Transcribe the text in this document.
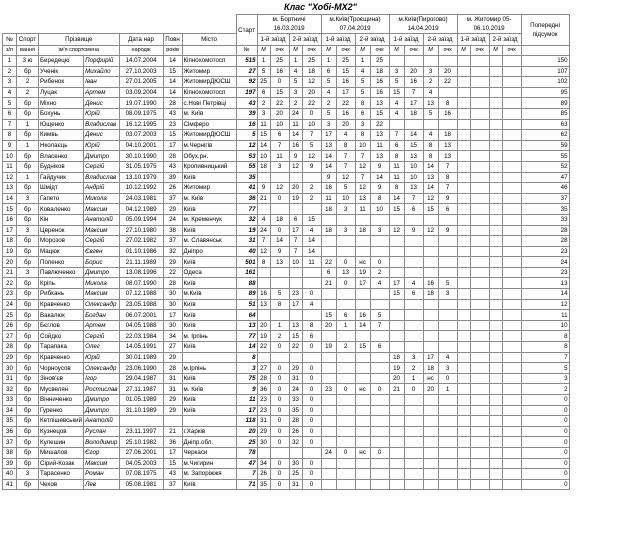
Клас "Хобі-МХ2"
							Старт	м. Бортничі 16.03.2019				м.Київ(Троєщина) 07.04.2019				м.Київ(Пирогово) 14.04.2019				м. Житомир 05-06.10.2019				Попередні підсумок
№	Спорт	Прізвище		Дата нар	Повн	Місто		1-й заїзд		2-й заїзд		1-й заїзд		2-й заїзд		1-й заїзд		2-й заїзд		1-й заїзд		2-й заїзд		
з/п	вання	ім'я спортсмена		народж	років		№	М	очк	М	очк	М	очк	М	очк	М	очк	М	очк	М	очк	М	очк	
1	3 ю	Бередецю	Порфирій	14.07.2004	14	Кіпнохомотосп	515	1	25	1	25	1	25	1	25									150
2	бр	Ученік	Михайло	27.10.2003	15	Житомир	27	5	16	4	18	6	15	4	18	3	20	3	20					107
3	2	Рибенок	Іван	27.01.2005	14	ЖитомирДЮСШ	92	25	0	5	12	5	16	5	16	5	16	2	22					102
4	2	Луцак	Артем	03.09.2004	14	Кіпнохомотосп	197	6	15	3	20	4	17	5	16	15	7	4						95
5	бр	Міхно	Денис	19.07.1990	28	с.Нові Петрівці	43	2	22	2	22	2	22	8	13	4	17	13	8					89
6	бр	Бохунь	Юрій	08.09.1975	43	м. Київ	39	3	20	24	0	5	16	6	15	4	18	5	16					85
7	1	Ющенко	Владислав	16.12.1995	23	Сімферо	16	11	10	11	10	3	20	3	22									63
8	бр	Кимвь	Денис	03.07.2003	15	ЖитомирДЮСШ	5	15	6	14	7	17	4	8	13	7	14	4	18					62
9	1	Нколаєць	Юрій	04.10.2001	17	м.Чернігів	12	14	7	16	5	13	8	10	11	6	15	8	13					59
10	бр	Власенко	Дмитро	30.10.1990	28	Обух.рн.	53	10	11	9	12	14	7	7	13	8	13	8	13					55
11	бр	Будніков	Сергій	31.05.1975	43	Кропивницький	55	18	3	12	9	14	7	12	9	11	10	14	7					52
12	1	Гайдучик	Владислав	13.10.1979	39	Київ	35					9	12	7	14	11	10	13	8					47
13	бр	Шмідт	Андрій	10.12.1992	26	Житомир	41	9	12	20	2	16	5	12	9	8	13	14	7					46
14	3	Гапето	Микола	24.03.1981	37	м. Київ	36	21	0	19	2	11	10	13	8	14	7	12	9					37
15	бр	Коваленко	Максим	04.12.1989	29	Київ	77					18	3	11	10	15	6	15	6					35
16	бр	Кін	Анатолій	05.09.1994	24	м. Кременчук	32	4	18	6	15													33
17	3	Церенок	Максим	27.10.1980	38	Київ	19	24	0	17	4	18	3	18	3	12	9	12	9					28
18	бр	Морозов	Сергій	27.02.1982	37	м. Славянськ	31	7	14	7	14													28
19	бр	Мацюк	Євген	01.10.1986	32	Дніпро	40	12	9	7	14													23
20	бр	Попенко	Борис	21.11.1989	29	Київ	501	8	13	10	11	22	0	нс	0									24
21	3	Павлюченко	Дмитро	13.08.1996	22	Одеса	161					6	13	19	2									23
22	бр	Кріпь	Микола	08.07.1990	28	Київ	88					21	0	17	4	17	4	16	5					13
23	бр	Рибкань	Максим	07.12.1988	30	м.Київ	89	16	5	23	0					15	6	18	3					14
24	бр	Кравченко	Олександр	23.05.1988	30	Київ	51	13	8	17	4													12
25	бр	Вакалюк	Богдан	06.07.2001	17	Київ	64					15	6	16	5									11
26	бр	Бєглов	Артем	04.05.1988	30	Київ	13	20	1	13	8	20	1	14	7									10
27	бр	Сойдко	Сергій	22.03.1984	34	м. Ірпінь	77	19	2	15	6													8
28	бр	Тарапака	Олег	14.05.1991	27	Київ	14	22	0	22	0	19	2	15	6									8
29	бр	Кравченко	Юрій	30.01.1989	29		8									18	3	17	4					7
30	бр	Чорноусов	Олександр	23.06.1990	28	м.Ірпінь	3	27	0	29	0					19	2	18	3					5
31	бр	Зінов'єв	Ігор	29.04.1987	31	Київ	75	28	0	31	0					20	1	нс	0					3
32	бр	Мусвелян	Ростислав	27.11.1987	31	м. Київ	9	36	0	24	0	23	0	нс	0	21	0	20	1					2
33	бр	Вінниченко	Дмитро	01.05.1989	29	Київ	11	23	0	33	0													0
34	бр	Гуренко	Дмитро	31.10.1989	29	Київ	17	23	0	35	0													0
35	бр	Кетлішевський	Анатолій				118	31	0	28	0													0
36	бр	Кузнецов	Руслан	23.11.1997	21	г.Харків	20	29	0	26	0													0
37	бр	Кулешин	Володимир	25.10.1982	36	Дніпр.обл.	25	30	0	32	0													0
38	бр	Мишалов	Єгор	27.06.2001	17	Черкаси	78					24	0	нс	0									0
39	бр	Сірий-Козак	Максим	04.05.2003	15	м.Чигирин	47	34	0	30	0													0
40	3	Тарасенко	Роман	07.08.1975	43	м. Запоріжжя	7	26	0	25	0													0
41	бр	Чехов	Лев	05.08.1981	37	Київ	71	35	0	31	0													0
